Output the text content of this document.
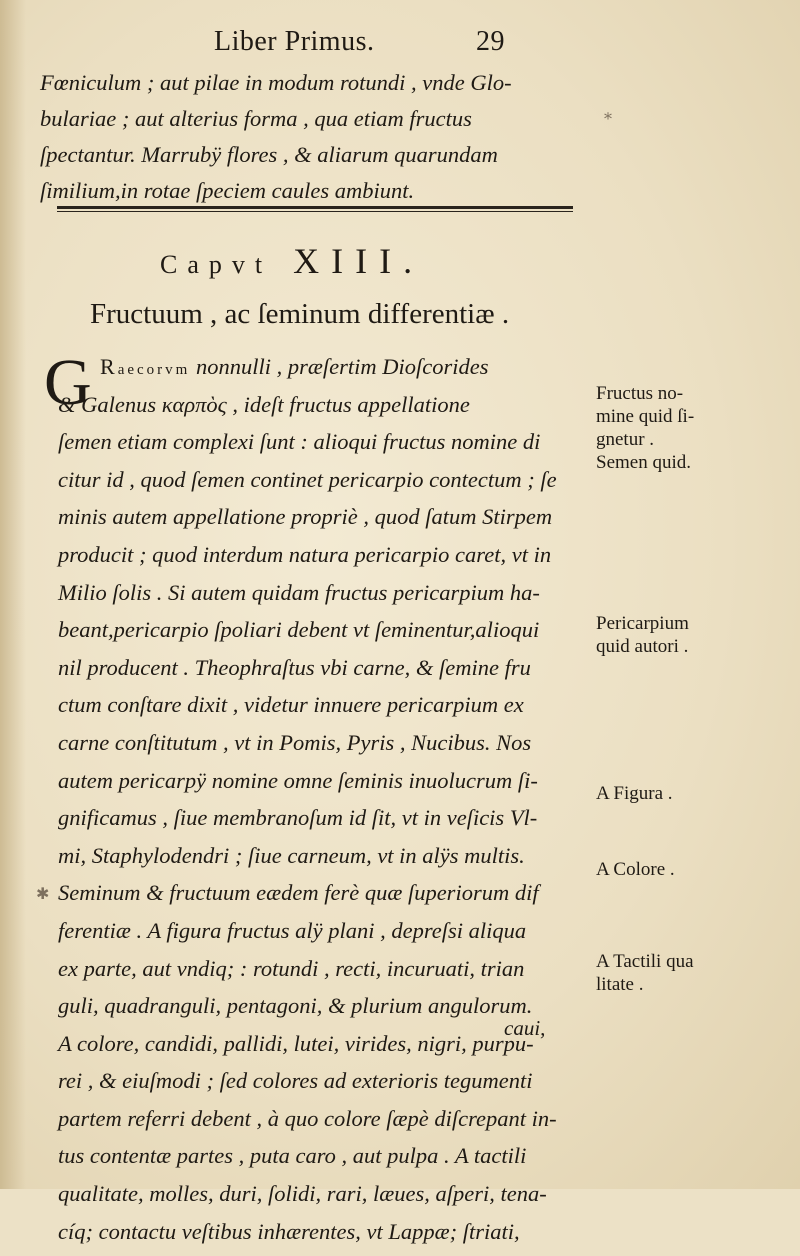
Liber Primus.	29
⁎
✱
Fœniculum ; aut pilae in modum rotundi , vnde Glo-
bulariae ; aut alterius forma , qua etiam fructus
ſpectantur. Marrubÿ flores , & aliarum quarundam
ſimilium,in rotae ſpeciem caules ambiunt.
Capvt XIII.
Fructuum , ac ſeminum differentiæ .
G Raecorvm nonnulli , præſertim Dioſcorides
& Galenus καρπὸς , ideſt fructus appellatione
ſemen etiam complexi ſunt : alioqui fructus nomine di
citur id , quod ſemen continet pericarpio contectum ; ſe
minis autem appellatione propriè , quod ſatum Stirpem
producit ; quod interdum natura pericarpio caret, vt in
Milio ſolis . Si autem quidam fructus pericarpium ha-
beant,pericarpio ſpoliari debent vt ſeminentur,alioqui
nil producent . Theophraſtus vbi carne, & ſemine fru
ctum conſtare dixit , videtur innuere pericarpium ex
carne conſtitutum , vt in Pomis, Pyris , Nucibus. Nos
autem pericarpÿ nomine omne ſeminis inuolucrum ſi-
gnificamus , ſiue membranoſum id ſit, vt in veſicis Vl-
mi, Staphylodendri ; ſiue carneum, vt in alÿs multis.
Seminum & fructuum eædem ferè quæ ſuperiorum dif
ferentiæ . A figura fructus alÿ plani , depreſsi aliqua
ex parte, aut vndiq; : rotundi , recti, incuruati, trian
guli, quadranguli, pentagoni, & plurium angulorum.
A colore, candidi, pallidi, lutei, virides, nigri, purpu-
rei , & eiuſmodi ; ſed colores ad exterioris tegumenti
partem referri debent , à quo colore ſæpè diſcrepant in-
tus contentæ partes , puta caro , aut pulpa . A tactili
qualitate, molles, duri, ſolidi, rari, læues, aſperi, tena-
cíq; contactu veſtibus inhærentes, vt Lappæ; ſtriati,
caui,
Fructus no-
mine quid ſi-
gnetur .
Semen quid.
Pericarpium
quid autori .
A Figura .
A Colore .
A Tactili qua
litate .
